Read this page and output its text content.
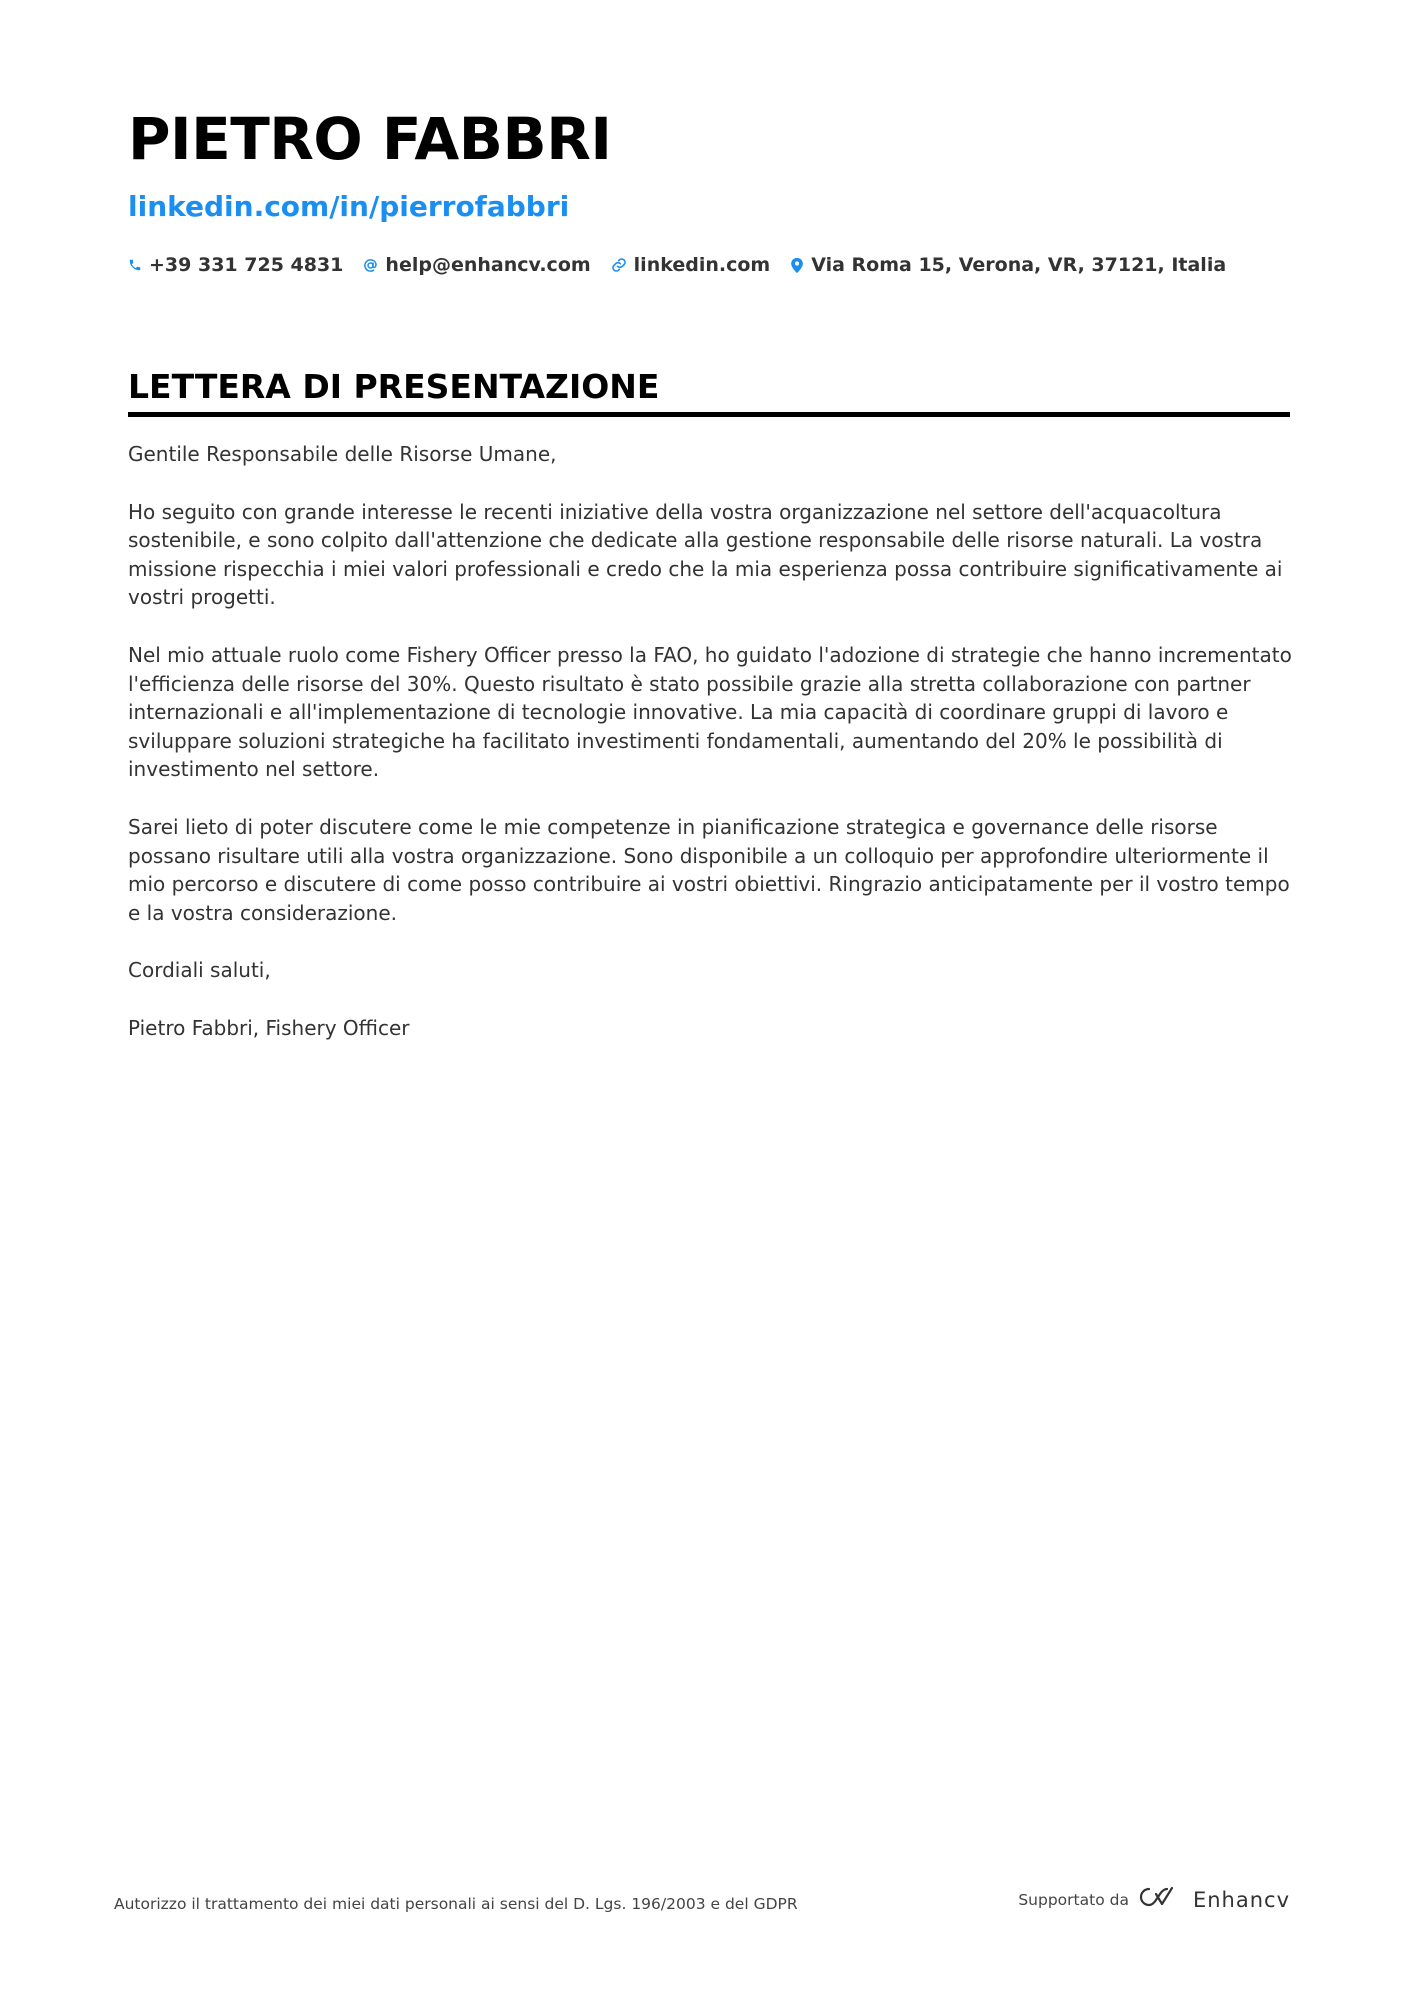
PIETRO FABBRI
linkedin.com/in/pierrofabbri
+39 331 725 4831 help@enhancv.com linkedin.com Via Roma 15, Verona, VR, 37121, Italia
LETTERA DI PRESENTAZIONE

Gentile Responsabile delle Risorse Umane,

Ho seguito con grande interesse le recenti iniziative della vostra organizzazione nel settore dell'acquacoltura sostenibile, e sono colpito dall'attenzione che dedicate alla gestione responsabile delle risorse naturali. La vostra missione rispecchia i miei valori professionali e credo che la mia esperienza possa contribuire significativamente ai vostri progetti.

Nel mio attuale ruolo come Fishery Officer presso la FAO, ho guidato l'adozione di strategie che hanno incrementato l'efficienza delle risorse del 30%. Questo risultato è stato possibile grazie alla stretta collaborazione con partner internazionali e all'implementazione di tecnologie innovative. La mia capacità di coordinare gruppi di lavoro e sviluppare soluzioni strategiche ha facilitato investimenti fondamentali, aumentando del 20% le possibilità di investimento nel settore.

Sarei lieto di poter discutere come le mie competenze in pianificazione strategica e governance delle risorse possano risultare utili alla vostra organizzazione. Sono disponibile a un colloquio per approfondire ulteriormente il mio percorso e discutere di come posso contribuire ai vostri obiettivi. Ringrazio anticipatamente per il vostro tempo e la vostra considerazione.

Cordiali saluti,

Pietro Fabbri, Fishery Officer

Autorizzo il trattamento dei miei dati personali ai sensi del D. Lgs. 196/2003 e del GDPR	Supportato da	Enhancv
